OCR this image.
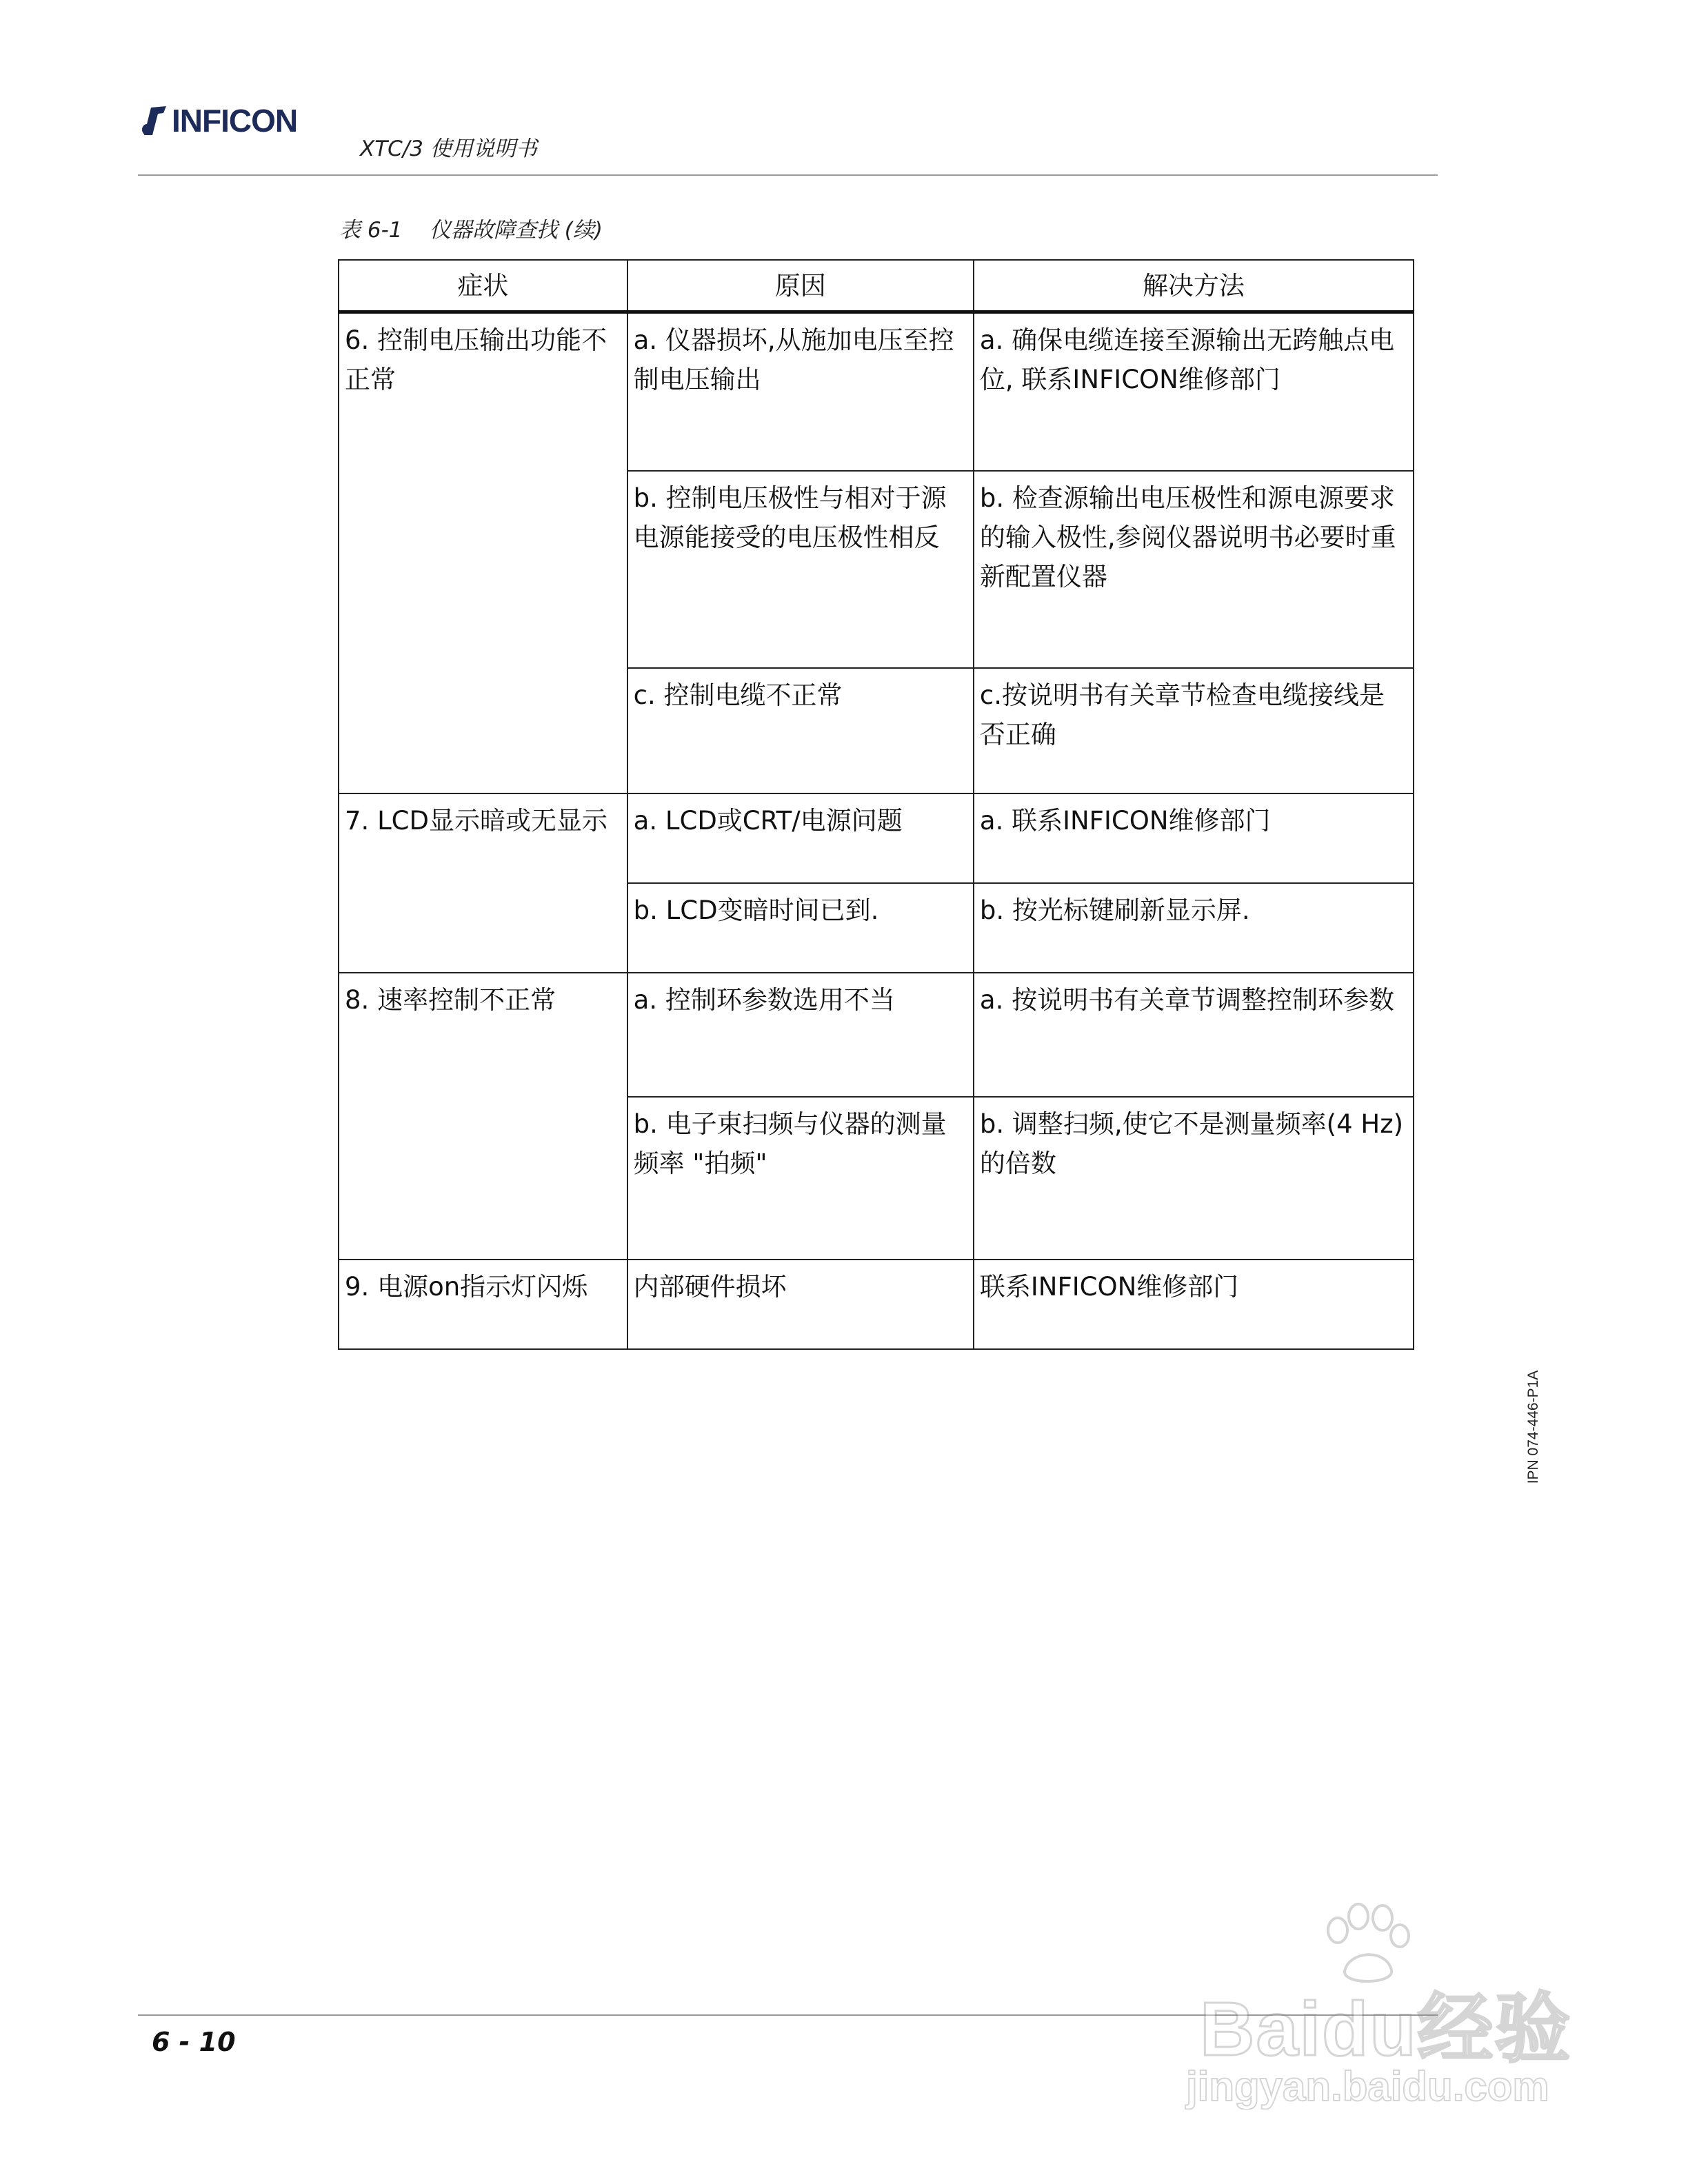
INFICON
XTC/3 使用说明书
表 6-1    仪器故障查找 (续)
症状	原因	解决方法
6. 控制电压输出功能不正常	a. 仪器损坏,从施加电压至控制电压输出	a. 确保电缆连接至源输出无跨触点电位, 联系INFICON维修部门
	b. 控制电压极性与相对于源电源能接受的电压极性相反	b. 检查源输出电压极性和源电源要求的输入极性,参阅仪器说明书必要时重新配置仪器
	c. 控制电缆不正常	c.按说明书有关章节检查电缆接线是否正确
7. LCD显示暗或无显示	a. LCD或CRT/电源问题	a. 联系INFICON维修部门
	b. LCD变暗时间已到.	b. 按光标键刷新显示屏.
8. 速率控制不正常	a. 控制环参数选用不当	a. 按说明书有关章节调整控制环参数
	b. 电子束扫频与仪器的测量频率 "拍频"	b. 调整扫频,使它不是测量频率(4 Hz)的倍数
9. 电源on指示灯闪烁	内部硬件损坏	联系INFICON维修部门
IPN 074-446-P1A
6 - 10	Baidu经验
jingyan.baidu.com
